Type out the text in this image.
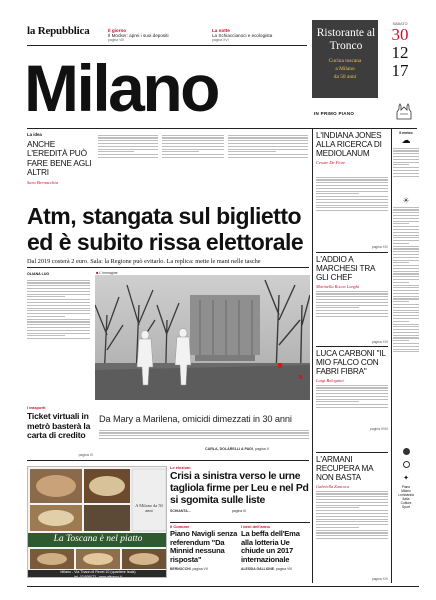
la Repubblica	Il giorno
Il Mocker: aprei i suoi depositi
pagina VIII
La notte
La Schiaccianoci e ecologista
pagina XVI
Milano
Ristorante al Tronco
Cucina toscana
a Milano
da 50 anni
SABATO
30
12
17
IN PRIMO PIANO
La idea
ANCHE L'EREDITÀ PUÒ FARE BENE AGLI ALTRI
Sara Bernacchia
Atm, stangata sul biglietto
ed è subito rissa elettorale
Dal 2019 costerà 2 euro. Sala: la Regione può evitarlo. La replica: mette le mani nelle tasche
OLIANA LUO	■ L'immagine
Da Mary a Marilena, omicidi dimezzati in 30 anni
CARLA, DOLARELLI A PAGI, pagina V
I trasporti
Ticket virtuali in metrò basterà la carta di credito
pagina VI
A Milano da 50 anni
La Toscana è nel piatto
Milano - Via Thaon di Revel 10 (quartiere Isola)
tel. 02 606072 - www.altronco.it
Le elezioni
Crisi a sinistra verso le urne tagliola firme per Leu e nel Pd si sgomita sulle liste
SCHIANTA...	pagina III
Il Comune
Piano Navigli senza referendum "Da Minnid nessuna risposta"
BERNOCCHI, pagina VII
I beni dell'anno
La beffa dell'Ema alla lotteria Ue chiude un 2017 internazionale
ALESSIA GALLIONE, pagina VIII
L'INDIANA JONES ALLA RICERCA DI MEDIOLANUM
Cesare De Fiore
pagina XIV
L'ADDIO A MARCHESI TRA GLI CHEF
Marinella Rocca Longhi
pagina XVI
LUCA CARBONI "IL MIO FALCO CON FABRI FIBRA"
Luigi Bolognini
pagina XVIII
L'ARMANI RECUPERA MA NON BASTA
Gabriella Zancoca
pagina XIX
Il meteo
☁
☀
✦
Piano
Milano
Lombardia
Italia
Cultura
Sport
